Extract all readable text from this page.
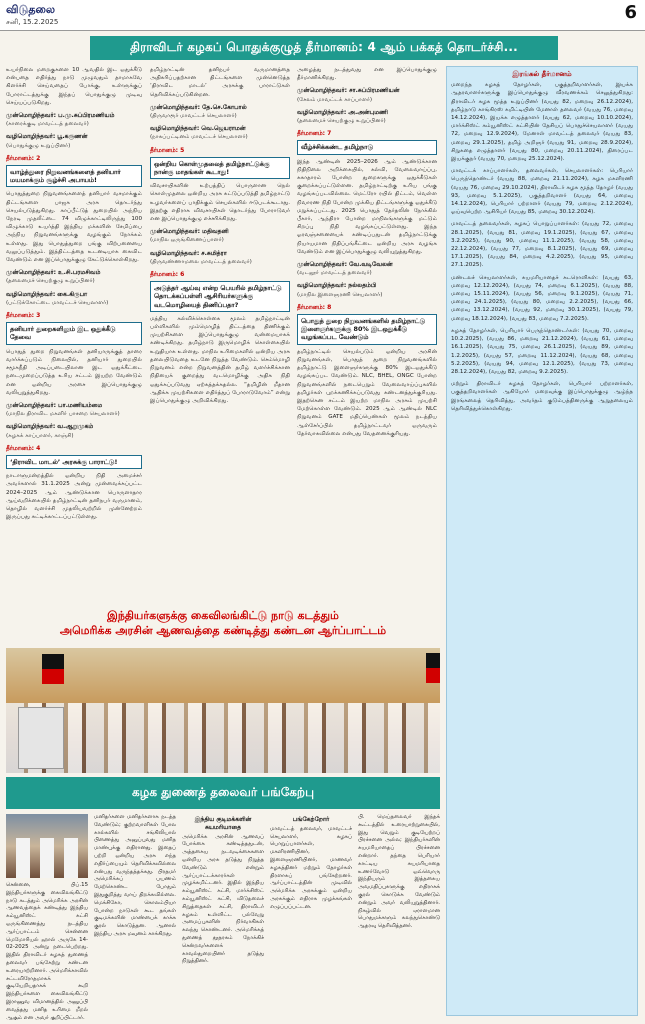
விடுதலை
சனி, 15.2.2025	6
திராவிடர் கழகப் பொதுக்குழுத் தீர்மானம்: 4 ஆம் பக்கத் தொடர்ச்சி...
உயர்நிலை மறைகுகளை 10 ஆவதில் இட ஒதுக்கீடு என்பதை எதிர்த்து நாடு முழுவதும் தாமாகவே கிளர்ச்சி செய்வதைப் போக்கு, உள்ளுக்குப் போராட்டத்துக்கு இந்தப் பொதுக்குழு முடிவு செய்யப்படுகிறது.
முன்மொழிந்தவர்: ப.மு.சுப்பிரமணியம்
(காரைக்குடி மாவட்டத் தலைவர்)
வழிமொழிந்தவர்: பூ.கருணன்
(பொதுக்குழு உறுப்பினர்)
தீர்மானம்: 2
வாழ்த்துரை நிறுவனங்களைத் தனியார் மயமாக்கும் சூழ்ச்சி அபாயம்!
பொதுத்துறை நிறுவனங்களைத் தனியார் வசமாக்கும் திட்டங்களை பாஜக அரசு தொடர்ந்து செயல்படுத்துகிறது. காப்பீட்டுத் துறையில் அந்நிய நேரடி முதலீட்டை 74 விழுக்காட்டிலிருந்து 100 விழுக்காடு உயர்த்தி இந்திய மக்களின் சேமிப்பை அந்நிய நிறுவனங்களுக்கு வழங்கும் நோக்கம் உள்ளது. இது பொதுத்துறை பங்கு விற்பனையை வலுப்படுத்தும். இத்திட்டத்தை உடனடியாக கைவிட வேண்டும் என இப்பொதுக்குழு கேட்டுக்கொள்கிறது.
முன்மொழிந்தவர்: உ.சி.பரமசிவம்
(தலைமைச் செயற்குழு உறுப்பினர்)
வழிமொழிந்தவர்: கை.கிருபா
(பட்டுக்கோட்டை மாவட்டச் செயலாளர்)
தீர்மானம்: 3
தனியார் துறைகளிலும் இட ஒதுக்கீடு தேவை
பொதுத் துறை நிறுவனங்கள் தனியாருக்குத் தாரை வார்க்கப்படும் நிலையில், தனியார் துறையில் சமூகநீதி அடிப்படையிலான இட ஒதுக்கீட்டை நடைமுறைப்படுத்த உரிய சட்டம் இயற்ற வேண்டும் என ஒன்றிய அரசை இப்பொதுக்குழு வலியுறுத்துகிறது.
முன்மொழிந்தவர்: பா.மணியம்மை
(மாநில திராவிட மகளிர் பாசறை செயலாளர்)
வழிமொழிந்தவர்: வ.ஆறுமுகம்
(கழகக் காப்பாளர், காஞ்சி)
தீர்மானம்: 4
‘திராவிட மாடல்’ அரசுக்கு பாராட்டு!
நாடாளுமன்றத்தில் ஒன்றிய நிதி அமைச்சர் அவர்களால் 31.1.2025 அன்று முன்வைக்கப்பட்ட 2024–2025 ஆம் ஆண்டுக்கான பொருளாதார ஆய்வறிக்கையில் தமிழ்நாட்டின் தனிநபர் வருமானம், தொழில் வளர்ச்சி முதலியவற்றில் முன்னேற்றம் இருப்பது சுட்டிக்காட்டப்பட்டுள்ளது.
தமிழ்நாட்டின் தனிநபர் வருமானத்தை அதிகரிப்பதற்கான திட்டங்களை முன்னெடுத்த ‘திராவிட மாடல்’ அரசுக்கு பாராட்டுகள் தெரிவிக்கப்படுகின்றன.
முன்மொழிந்தவர்: தே.செ.கோபால்
(திருவாரூர் மாவட்டச் செயலாளர்)
வழிமொழிந்தவர்: வெ.ஜெயராமன்
(நாகப்பட்டினம் மாவட்டச் செயலாளர்)
தீர்மானம்: 5
ஒன்றிய கொள்முதலைத் தமிழ்நாட்டுக்கு நான்கு மாதங்கள் கூடாது!
விவசாயிகளின் உற்பத்திப் பொருளான நெல் கொள்முதலை ஒன்றிய அரசு கட்டுப்படுத்தி தமிழ்நாட்டு உழவர்களைப் பாதிக்கும் செயல்களில் ஈடுபடக்கூடாது. இதற்கு எதிராக விவசாயிகள் தொடர்ந்து போராடுவர் என இப்பொதுக்குழு எச்சரிக்கிறது.
முன்மொழிந்தவர்: மதிவதனி
(மாநில ஒருங்கிணைப்பாளர்)
வழிமொழிந்தவர்: ச.சுமித்ரா
(திருவண்ணாமலை மாவட்டத் தலைவர்)
தீர்மானம்: 6
அடுத்தர் ஆய்வு என்ற பெயரில் தமிழ்நாட்டு தொடக்கப்பள்ளி ஆசிரியர்களுக்கு வடமொழியைத் திணிப்பதா?
மத்திய கல்விக்கொள்கை மூலம் தமிழ்நாட்டின் பள்ளிகளில் மும்மொழித் திட்டத்தை திணிக்கும் முயற்சிகளை இப்பொதுக்குழு வன்மையாகக் கண்டிக்கிறது. தமிழ்நாடு இருமொழிக் கொள்கையில் உறுதியாக உள்ளது. மாநில உரிமைகளில் ஒன்றிய அரசு தலையிடுவதை உடனே நிறுத்த வேண்டும். செம்மொழி நிறுவனம் என்ற நிறுவனத்தின் தமிழ் வளர்ச்சிக்கான நிதியைக் குறைத்து வடமொழிக்கு அதிக நிதி ஒதுக்கப்படுவது ஏற்கத்தக்கதல்ல. “தமிழின் மீதான ஆதிக்க முயற்சிகளை எதிர்த்துப் போராடுவோம்” என்று இப்பொதுக்குழு அறிவிக்கிறது.
அழைத்து நடத்துவது என இப்பொதுக்குழு தீர்மானிக்கிறது.
முன்மொழிந்தவர்: சா.சுப்பிரமணியன்
(சேலம் மாவட்டக் காப்பாளர்)
வழிமொழிந்தவர்: அ.அன்புமணி
(தலைமைச் செயற்குழு உறுப்பினர்)
தீர்மானம்: 7
வீழ்ச்சிக்கண்ட தமிழ்நாடு
இந்த ஆண்டின் 2025–2026 ஆம் ஆண்டுக்கான நிதிநிலை அறிக்கையில், கல்வி, வேலைவாய்ப்பு, சுகாதாரம் போன்ற துறைகளுக்கு ஒதுக்கீடுகள் குறைக்கப்பட்டுள்ளன. தமிழ்நாட்டிற்கு உரிய பங்கு வழங்கப்படவில்லை. மெட்ரோ ரயில் திட்டம், வெள்ள நிவாரண நிதி போன்ற முக்கிய திட்டங்களுக்கு ஒதுக்கீடு மறுக்கப்பட்டது. 2025 பொதுத் தேர்தலின் நோக்கில் பீகார், ஆந்திரா போன்ற மாநிலங்களுக்கு மட்டும் சிறப்பு நிதி வழங்கப்பட்டுள்ளது. இந்த ஓரவஞ்சனையைக் கண்டிப்பதுடன் தமிழ்நாட்டுக்கு நியாயமான நிதிப்பங்கீட்டை ஒன்றிய அரசு வழங்க வேண்டும் என இப்பொதுக்குழு வலியுறுத்துகிறது.
முன்மொழிந்தவர்: வே.வடிவேலன்
(வடலூர் மாவட்டத் தலைவர்)
வழிமொழிந்தவர்: நல்லதம்பி
(மாநில இளைஞரணி செயலாளர்)
தீர்மானம்: 8
பொதுத் துறை நிறுவனங்களில் தமிழ்நாட்டு இளைஞர்களுக்கு 80% இடஒதுக்கீடு வழங்கப்பட வேண்டும்
தமிழ்நாட்டில் செயல்படும் ஒன்றிய அரசின் நிறுவனங்கள், பொதுத் துறை நிறுவனங்களில் தமிழ்நாட்டு இளைஞர்களுக்கு 80% இடஒதுக்கீடு வழங்கப்பட வேண்டும். NLC, BHEL, ONGC போன்ற நிறுவனங்களில் நடைபெறும் வேலைவாய்ப்புகளில் தமிழர்கள் புறக்கணிக்கப்படுவது கண்டனத்துக்குரியது. இதற்கென சட்டம் இயற்ற மாநில அரசும் முயற்சி மேற்கொள்ள வேண்டும். 2025 ஆம் ஆண்டில் NLC நிறுவனம் GATE மதிப்பெண்கள் மூலம் நடத்திய ஆள்சேர்ப்பில் தமிழ்நாட்டவர் ஒருவரும் தேர்வாகவில்லை என்பது வேதனைக்குரியது.
இரங்கல் தீர்மானம்
மறைந்த கழகத் தோழர்கள், பகுத்தறிவாளர்கள், இயக்க ஆதரவாளர்களுக்கு இப்பொதுக்குழு வீரவணக்கம் செலுத்துகிறது: திராவிடர் கழக மூத்த உறுப்பினர் (வயது 82, மறைவு 26.12.2024), தமிழ்நாடு காங்கிரஸ் கமிட்டியின் மேனாள் தலைவர் (வயது 76, மறைவு 14.12.2024), இயக்க எழுத்தாளர் (வயது 62, மறைவு 10.10.2024), மார்க்சிஸ்ட் கம்யூனிஸ்ட் கட்சியின் தேசியப் பொதுச்செயலாளர் (வயது 72, மறைவு 12.9.2024), மேனாள் மாவட்டத் தலைவர் (வயது 83, மறைவு 29.1.2025), தமிழ் அறிஞர் (வயது 91, மறைவு 28.9.2024), சிறுகதை எழுத்தாளர் (வயது 80, மறைவு 20.11.2024), திரைப்பட இயக்குநர் (வயது 70, மறைவு 25.12.2024).
மாவட்டக் காப்பாளர்கள், தலைவர்கள், செயலாளர்கள்: பெரியார் பெருந்தொண்டர் (வயது 88, மறைவு 21.11.2024), கழக மகளிரணி (வயது 76, மறைவு 29.10.2024), திராவிடர் கழக மூத்த தோழர் (வயது 93, மறைவு 5.1.2025), பகுத்தறிவாளர் (வயது 64, மறைவு 14.12.2024), பெரியார் பற்றாளர் (வயது 79, மறைவு 2.12.2024), ஓய்வுபெற்ற ஆசிரியர் (வயது 85, மறைவு 30.12.2024).
மாவட்டத் தலைவர்கள், கழகப் பொறுப்பாளர்கள்: (வயது 72, மறைவு 28.1.2025), (வயது 81, மறைவு 19.1.2025), (வயது 67, மறைவு 3.2.2025), (வயது 90, மறைவு 11.1.2025), (வயது 58, மறைவு 22.12.2024), (வயது 77, மறைவு 8.1.2025), (வயது 69, மறைவு 17.1.2025), (வயது 84, மறைவு 4.2.2025), (வயது 95, மறைவு 27.1.2025).
மண்டலச் செயலாளர்கள், சுயமரியாதைச் சுடரொளிகள்: (வயது 63, மறைவு 12.12.2024), (வயது 74, மறைவு 6.1.2025), (வயது 88, மறைவு 15.11.2024), (வயது 56, மறைவு 9.1.2025), (வயது 71, மறைவு 24.1.2025), (வயது 80, மறைவு 2.2.2025), (வயது 66, மறைவு 13.12.2024), (வயது 92, மறைவு 30.1.2025), (வயது 79, மறைவு 18.12.2024), (வயது 83, மறைவு 7.2.2025).
கழகத் தோழர்கள், பெரியார் பெருந்தொண்டர்கள்: (வயது 70, மறைவு 10.2.2025), (வயது 86, மறைவு 21.12.2024), (வயது 61, மறைவு 16.1.2025), (வயது 75, மறைவு 26.1.2025), (வயது 89, மறைவு 1.2.2025), (வயது 57, மறைவு 11.12.2024), (வயது 68, மறைவு 5.2.2025), (வயது 94, மறைவு 12.1.2025), (வயது 73, மறைவு 28.12.2024), (வயது 82, மறைவு 9.2.2025).
மற்றும் திராவிடர் கழகத் தோழர்கள், பெரியார் பற்றாளர்கள், பகுத்தறிவாளர்கள் ஆகியோர் மறைவுக்கு இப்பொதுக்குழு ஆழ்ந்த இரங்கலைத் தெரிவித்து, அவர்தம் குடும்பத்தினருக்கு ஆறுதலையும் தெரிவித்துக்கொள்கிறது.
இந்தியர்களுக்கு கைவிலங்கிட்டு நாடு கடத்தும்
அமெரிக்க அரசின் ஆணவத்தை கண்டித்து கண்டன ஆர்ப்பாட்டம்
கழக துணைத் தலைவர் பங்கேற்பு
சென்னை, பிப்.15 இந்தியர்களுக்கு கைவிலங்கிட்டு நாடு கடத்தும் அமெரிக்க அரசின் ஆணவத்தைக் கண்டித்து இந்திய கம்யூனிஸ்ட் கட்சி ஒருங்கிணைத்து நடத்திய ஆர்ப்பாட்டம் சென்னை மெமோரியல் ஹால் அருகே 14-02-2025 அன்று நடைபெற்றது. இதில் திராவிடர் கழகத் துணைத் தலைவர் பங்கேற்று கண்டன உரையாற்றினார். அமெரிக்காவில் சட்டவிரோதமாகக் குடியேறியதாகக் கூறி இந்தியர்களை கைவிலங்கிட்டு இராணுவ விமானத்தில் அனுப்பி வைத்தது மனித உரிமை மீறல் ஆகும் என அவர் குறிப்பிட்டார்.
மனிதர்களை மனிதர்களாக நடத்த வேண்டும்; குற்றவாளிகள் போல கால்களில் சங்கிலியால் பிணைத்து அனுப்புவது மனித மாண்புக்கு எதிரானது. இதைப் பற்றி ஒன்றிய அரசு எந்த எதிர்ப்பையும் தெரிவிக்கவில்லை என்பது வருந்தத்தக்கது. பிரதமர் அமெரிக்கப் பயணம் மேற்கொண்ட போதும் இதுகுறித்து வாய் திறக்கவில்லை. மெக்சிகோ, கொலம்பியா போன்ற நாடுகள் கூட தங்கள் குடிமக்களின் மாண்பைக் காக்க குரல் கொடுத்தன. ஆனால் இந்திய அரசு மவுனம் காக்கிறது.
இந்திய குடிமக்களின் சுயமரியாதை
அமெரிக்க அரசின் ஆணவப் போக்கை கண்டித்ததுடன், அத்தகைய நடவடிக்கைகளை ஒன்றிய அரசு தடுத்து நிறுத்த வேண்டும் என்றும் ஆர்ப்பாட்டக்காரர்கள் முழக்கமிட்டனர். இதில் இந்திய கம்யூனிஸ்ட் கட்சி, மார்க்சிஸ்ட் கம்யூனிஸ்ட் கட்சி, விடுதலைச் சிறுத்தைகள் கட்சி, திராவிடர் கழகம் உள்ளிட்ட பல்வேறு அமைப்புகளின் நிர்வாகிகள் கலந்து கொண்டனர். அமெரிக்கத் துணைத் தூதரகம் நோக்கிச் சென்றவர்களைக் காவல்துறையினர் தடுத்து நிறுத்தினர்.
பங்கேற்றோர்
மாவட்டத் தலைவர், மாவட்டச் செயலாளர், கழகப் பொறுப்பாளர்கள், மகளிரணியினர், இளைஞரணியினர், மாணவர் கழகத்தினர் மற்றும் தோழர்கள் திரளாகப் பங்கேற்றனர். ஆர்ப்பாட்டத்தின் முடிவில் அமெரிக்க அரசுக்கும் ஒன்றிய அரசுக்கும் எதிராக முழக்கங்கள் எழுப்பப்பட்டன.
பி. மெய்தலைவர் இந்தக் கூட்டத்தில் உரையாற்றுகையில், இது வெறும் குடியேற்றப் பிரச்சனை அல்ல; இந்தியர்களின் சுயமரியாதைப் பிரச்சனை என்றார். தந்தை பெரியார் காட்டிய சுயமரியாதை உணர்வோடு ஒவ்வொரு இந்தியரும் இத்தகைய அவமதிப்புகளுக்கு எதிராகக் குரல் கொடுக்க வேண்டும் என்றும் அவர் வலியுறுத்தினார். நிகழ்வில் ஏராளமான பொதுமக்களும் கலந்துகொண்டு ஆதரவு தெரிவித்தனர்.
